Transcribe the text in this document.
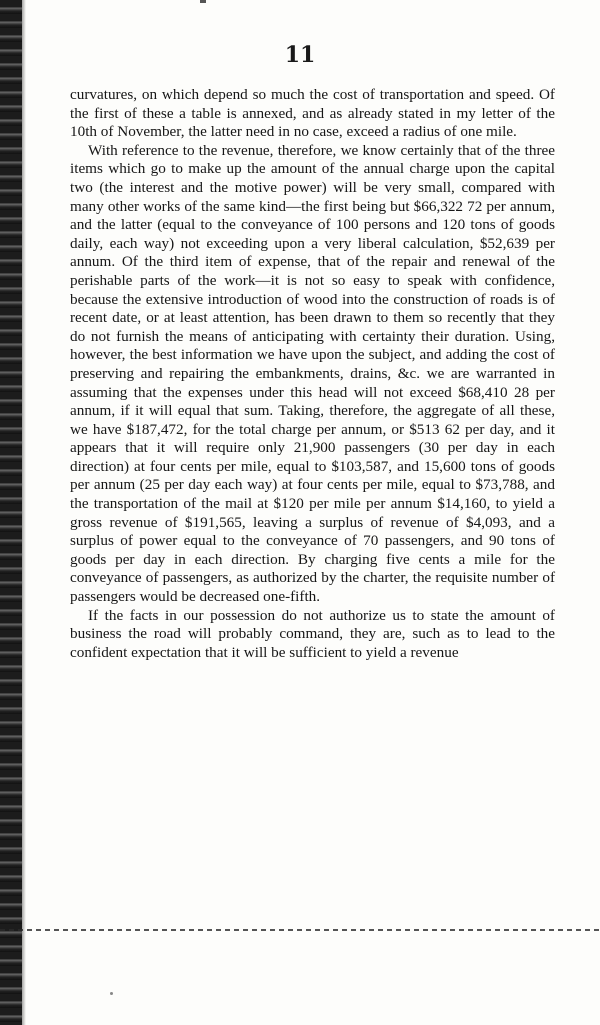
11

curvatures, on which depend so much the cost of transportation and speed. Of the first of these a table is annexed, and as already stated in my letter of the 10th of November, the latter need in no case, exceed a radius of one mile.

With reference to the revenue, therefore, we know certainly that of the three items which go to make up the amount of the annual charge upon the capital two (the interest and the motive power) will be very small, compared with many other works of the same kind—the first being but $66,322 72 per annum, and the latter (equal to the conveyance of 100 persons and 120 tons of goods daily, each way) not exceeding upon a very liberal calculation, $52,639 per annum. Of the third item of expense, that of the repair and renewal of the perishable parts of the work—it is not so easy to speak with confidence, because the extensive introduction of wood into the construction of roads is of recent date, or at least attention, has been drawn to them so recently that they do not furnish the means of anticipating with certainty their duration. Using, however, the best information we have upon the subject, and adding the cost of preserving and repairing the embankments, drains, &c. we are warranted in assuming that the expenses under this head will not exceed $68,410 28 per annum, if it will equal that sum. Taking, therefore, the aggregate of all these, we have $187,472, for the total charge per annum, or $513 62 per day, and it appears that it will require only 21,900 passengers (30 per day in each direction) at four cents per mile, equal to $103,587, and 15,600 tons of goods per annum (25 per day each way) at four cents per mile, equal to $73,788, and the transportation of the mail at $120 per mile per annum $14,160, to yield a gross revenue of $191,565, leaving a surplus of revenue of $4,093, and a surplus of power equal to the conveyance of 70 passengers, and 90 tons of goods per day in each direction. By charging five cents a mile for the conveyance of passengers, as authorized by the charter, the requisite number of passengers would be decreased one-fifth.

If the facts in our possession do not authorize us to state the amount of business the road will probably command, they are, such as to lead to the confident expectation that it will be sufficient to yield a revenue
